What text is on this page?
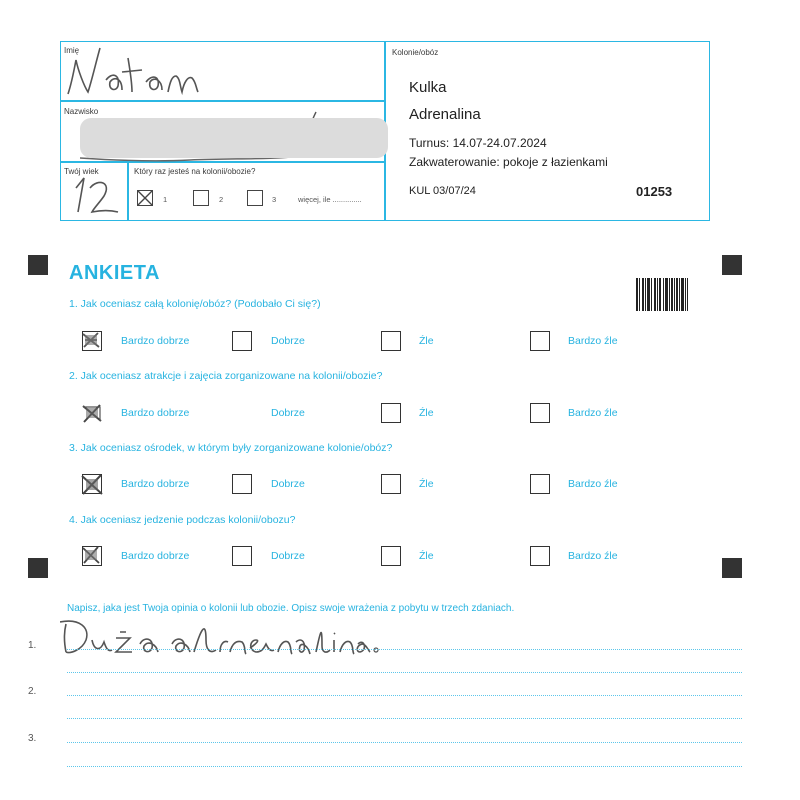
Imię
Nazwisko
Twój wiek	Który raz jesteś na kolonii/obozie?
1	2	3	więcej, ile ..............
Kolonie/obóz
Kulka
Adrenalina
Turnus: 14.07-24.07.2024
Zakwaterowanie: pokoje z łazienkami
KUL 03/07/24	01253
ANKIETA
1. Jak oceniasz całą kolonię/obóz? (Podobało Ci się?)
Bardzo dobrze	Dobrze	Źle	Bardzo źle
2. Jak oceniasz atrakcje i zajęcia zorganizowane na kolonii/obozie?
Bardzo dobrze	Dobrze	Źle	Bardzo źle
3. Jak oceniasz ośrodek, w którym były zorganizowane kolonie/obóz?
Bardzo dobrze	Dobrze	Źle	Bardzo źle
4. Jak oceniasz jedzenie podczas kolonii/obozu?
Bardzo dobrze	Dobrze	Źle	Bardzo źle
Napisz, jaka jest Twoja opinia o kolonii lub obozie. Opisz swoje wrażenia z pobytu w trzech zdaniach.
1.
2.
3.
